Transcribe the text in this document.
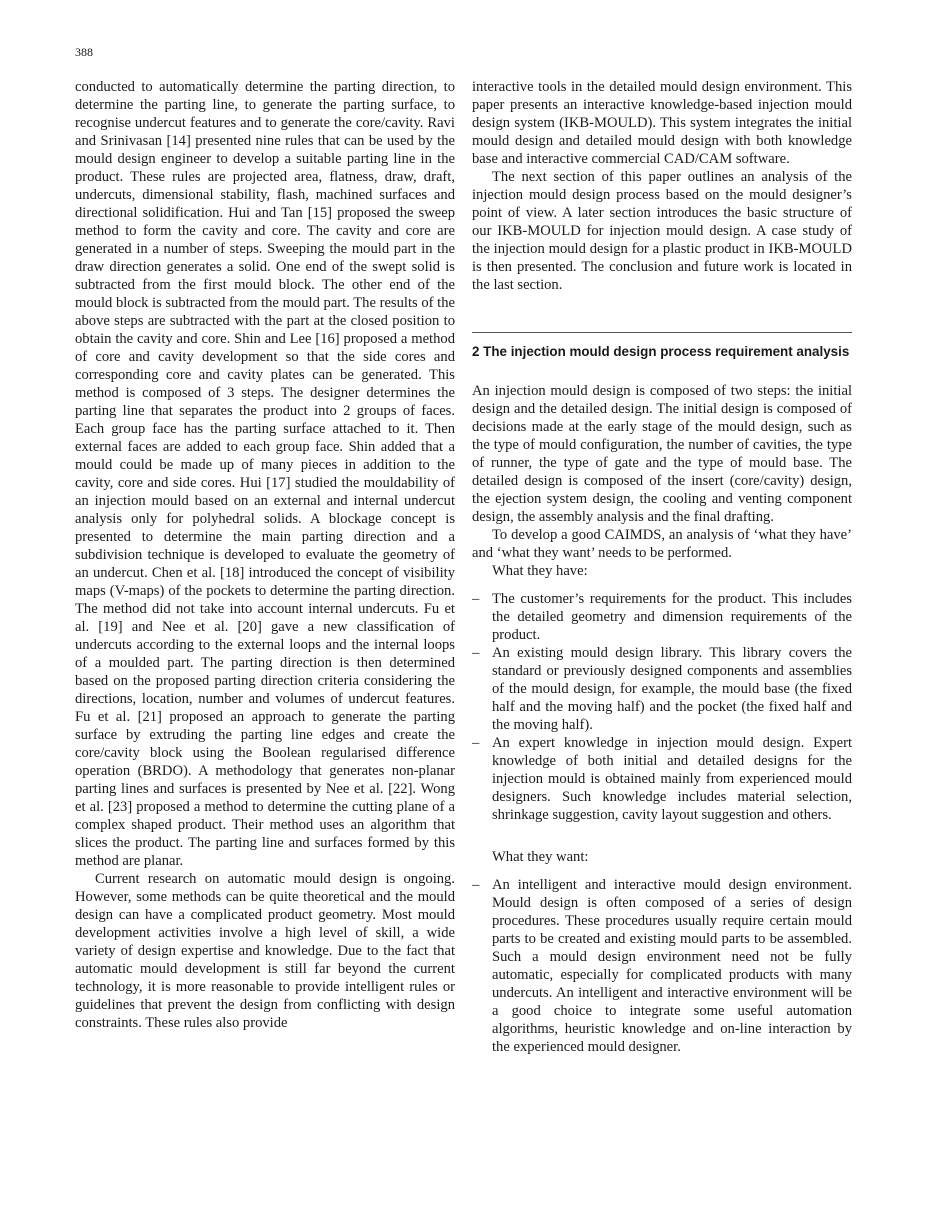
388

conducted to automatically determine the parting direction, to determine the parting line, to generate the parting surface, to recognise undercut features and to generate the core/cavity. Ravi and Srinivasan [14] presented nine rules that can be used by the mould design engineer to develop a suitable parting line in the product. These rules are projected area, flatness, draw, draft, undercuts, dimensional stability, flash, machined surfaces and directional solidification. Hui and Tan [15] proposed the sweep method to form the cavity and core. The cavity and core are generated in a number of steps. Sweeping the mould part in the draw direction generates a solid. One end of the swept solid is subtracted from the first mould block. The other end of the mould block is subtracted from the mould part. The results of the above steps are subtracted with the part at the closed position to obtain the cavity and core. Shin and Lee [16] proposed a method of core and cavity development so that the side cores and corresponding core and cavity plates can be generated. This method is composed of 3 steps. The designer determines the parting line that separates the product into 2 groups of faces. Each group face has the parting surface attached to it. Then external faces are added to each group face. Shin added that a mould could be made up of many pieces in addition to the cavity, core and side cores. Hui [17] studied the mouldability of an injection mould based on an external and internal undercut analysis only for polyhedral solids. A blockage concept is presented to determine the main parting direction and a subdivision technique is developed to evaluate the geometry of an undercut. Chen et al. [18] introduced the concept of visibility maps (V-maps) of the pockets to determine the parting direction. The method did not take into account internal undercuts. Fu et al. [19] and Nee et al. [20] gave a new classification of undercuts according to the external loops and the internal loops of a moulded part. The parting direction is then determined based on the proposed parting direction criteria considering the directions, location, number and volumes of undercut features. Fu et al. [21] proposed an approach to generate the parting surface by extruding the parting line edges and create the core/cavity block using the Boolean regularised difference operation (BRDO). A methodology that generates non-planar parting lines and surfaces is presented by Nee et al. [22]. Wong et al. [23] proposed a method to determine the cutting plane of a complex shaped product. Their method uses an algorithm that slices the product. The parting line and surfaces formed by this method are planar.

Current research on automatic mould design is ongoing. However, some methods can be quite theoretical and the mould design can have a complicated product geometry. Most mould development activities involve a high level of skill, a wide variety of design expertise and knowledge. Due to the fact that automatic mould development is still far beyond the current technology, it is more reasonable to provide intelligent rules or guidelines that prevent the design from conflicting with design constraints. These rules also provide

interactive tools in the detailed mould design environment. This paper presents an interactive knowledge-based injection mould design system (IKB-MOULD). This system integrates the initial mould design and detailed mould design with both knowledge base and interactive commercial CAD/CAM software.

The next section of this paper outlines an analysis of the injection mould design process based on the mould designer’s point of view. A later section introduces the basic structure of our IKB-MOULD for injection mould design. A case study of the injection mould design for a plastic product in IKB-MOULD is then presented. The conclusion and future work is located in the last section.

2 The injection mould design process requirement analysis

An injection mould design is composed of two steps: the initial design and the detailed design. The initial design is composed of decisions made at the early stage of the mould design, such as the type of mould configuration, the number of cavities, the type of runner, the type of gate and the type of mould base. The detailed design is composed of the insert (core/cavity) design, the ejection system design, the cooling and venting component design, the assembly analysis and the final drafting.

To develop a good CAIMDS, an analysis of ‘what they have’ and ‘what they want’ needs to be performed.

What they have:

– The customer’s requirements for the product. This includes the detailed geometry and dimension requirements of the product.
– An existing mould design library. This library covers the standard or previously designed components and assemblies of the mould design, for example, the mould base (the fixed half and the moving half) and the pocket (the fixed half and the moving half).
– An expert knowledge in injection mould design. Expert knowledge of both initial and detailed designs for the injection mould is obtained mainly from experienced mould designers. Such knowledge includes material selection, shrinkage suggestion, cavity layout suggestion and others.

What they want:

– An intelligent and interactive mould design environment. Mould design is often composed of a series of design procedures. These procedures usually require certain mould parts to be created and existing mould parts to be assembled. Such a mould design environment need not be fully automatic, especially for complicated products with many undercuts. An intelligent and interactive environment will be a good choice to integrate some useful automation algorithms, heuristic knowledge and on-line interaction by the experienced mould designer.
